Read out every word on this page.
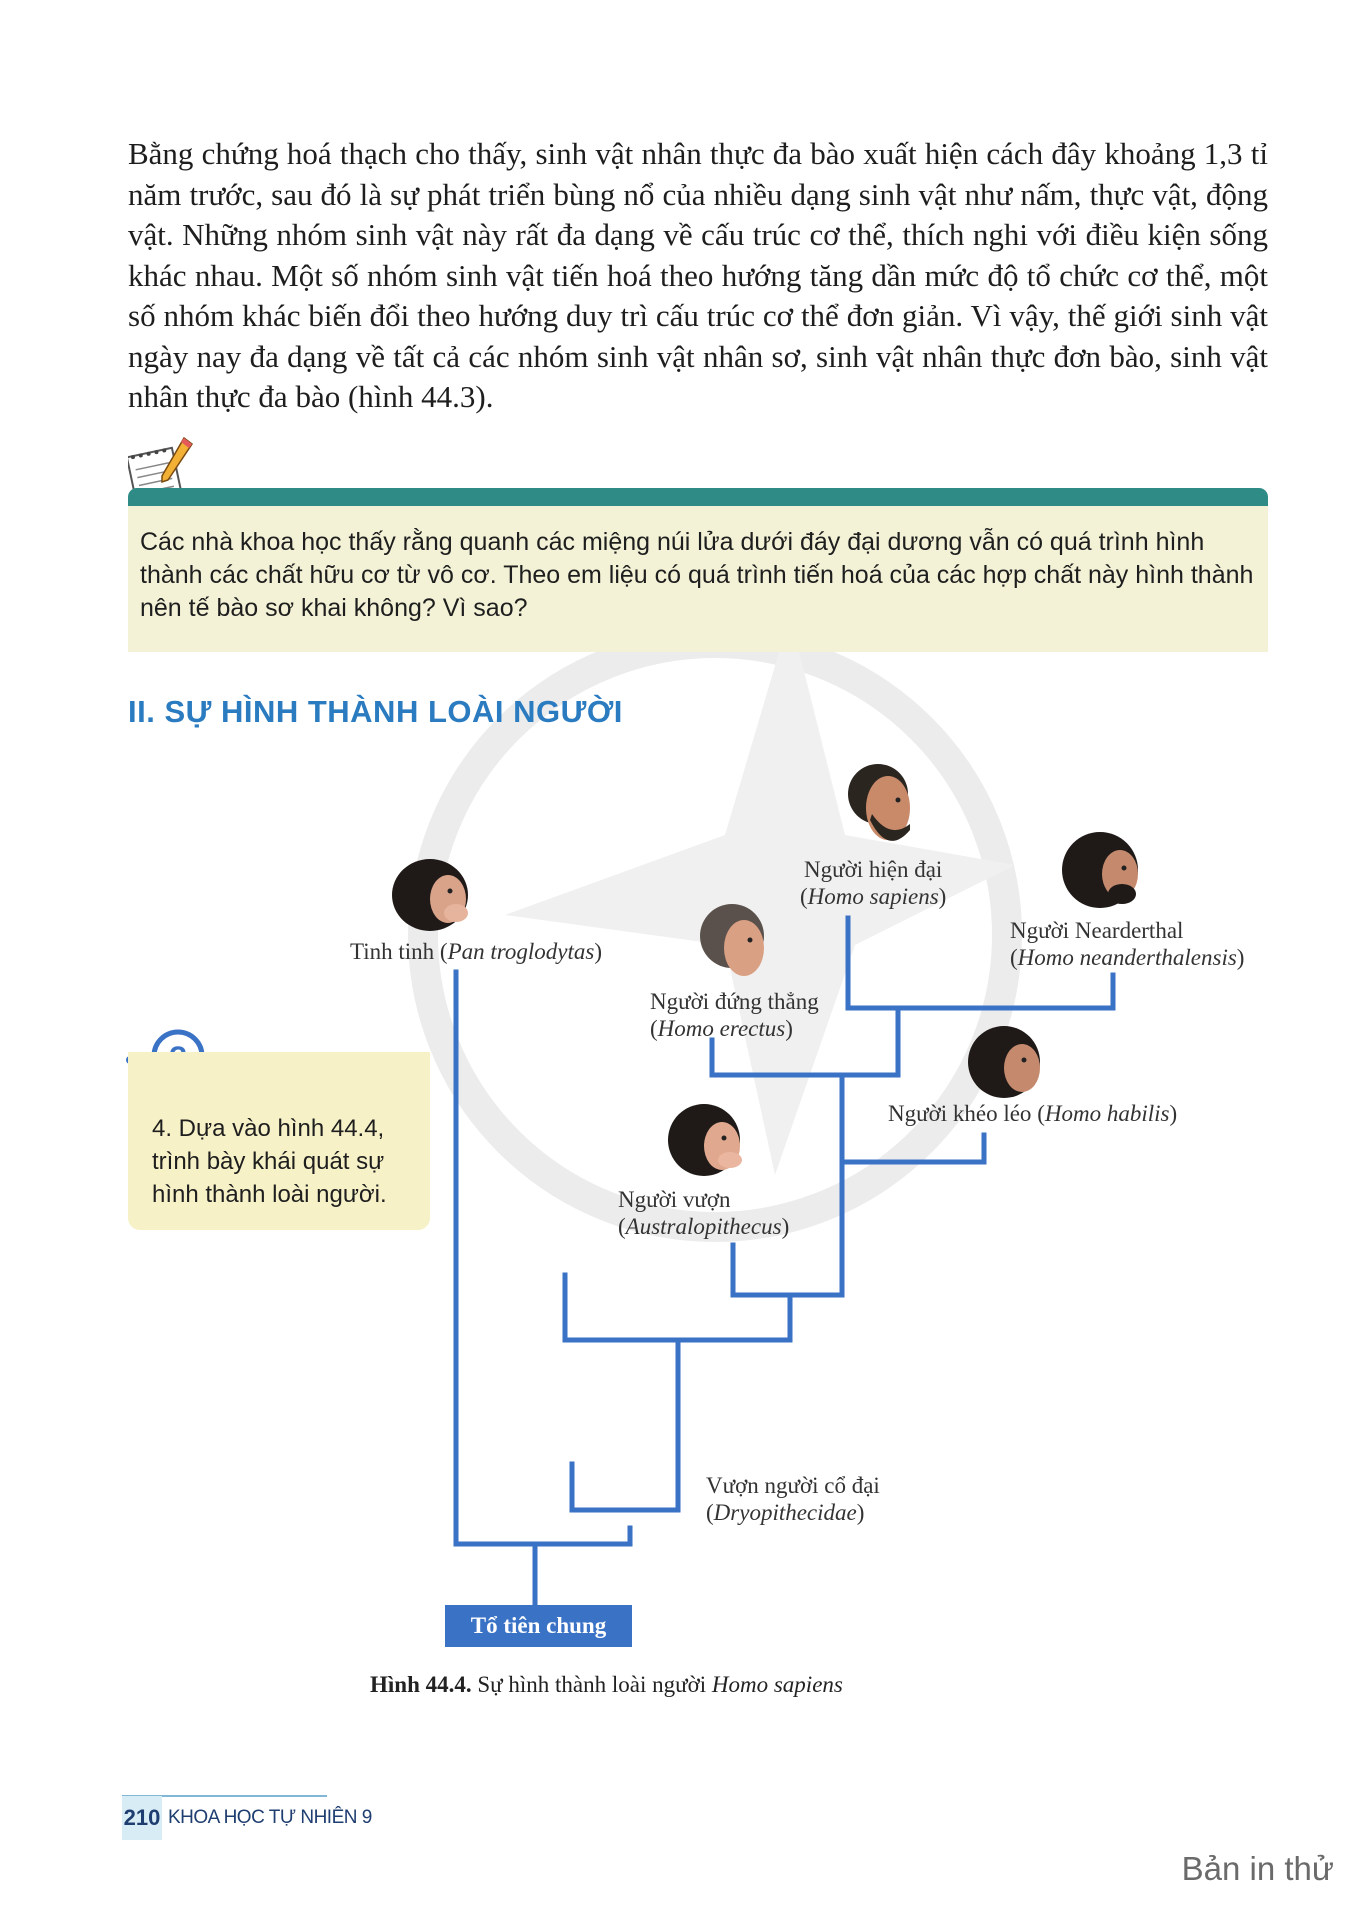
Bằng chứng hoá thạch cho thấy, sinh vật nhân thực đa bào xuất hiện cách đây khoảng 1,3 tỉ năm trước, sau đó là sự phát triển bùng nổ của nhiều dạng sinh vật như nấm, thực vật, động vật. Những nhóm sinh vật này rất đa dạng về cấu trúc cơ thể, thích nghi với điều kiện sống khác nhau. Một số nhóm sinh vật tiến hoá theo hướng tăng dần mức độ tổ chức cơ thể, một số nhóm khác biến đổi theo hướng duy trì cấu trúc cơ thể đơn giản. Vì vậy, thế giới sinh vật ngày nay đa dạng về tất cả các nhóm sinh vật nhân sơ, sinh vật nhân thực đơn bào, sinh vật nhân thực đa bào (hình 44.3).

Các nhà khoa học thấy rằng quanh các miệng núi lửa dưới đáy đại dương vẫn có quá trình hình thành các chất hữu cơ từ vô cơ. Theo em liệu có quá trình tiến hoá của các hợp chất này hình thành nên tế bào sơ khai không? Vì sao?
II. SỰ HÌNH THÀNH LOÀI NGƯỜI
4. Dựa vào hình 44.4, trình bày khái quát sự hình thành loài người.
Tinh tinh (Pan troglodytas)
Người hiện đại
(Homo sapiens)
Người Nearderthal
(Homo neanderthalensis)
Người đứng thẳng
(Homo erectus)
Người khéo léo (Homo habilis)
Người vượn
(Australopithecus)
Vượn người cổ đại
(Dryopithecidae)
Tổ tiên chung
Hình 44.4. Sự hình thành loài người Homo sapiens
210 KHOA HỌC TỰ NHIÊN 9
Bản in thử
